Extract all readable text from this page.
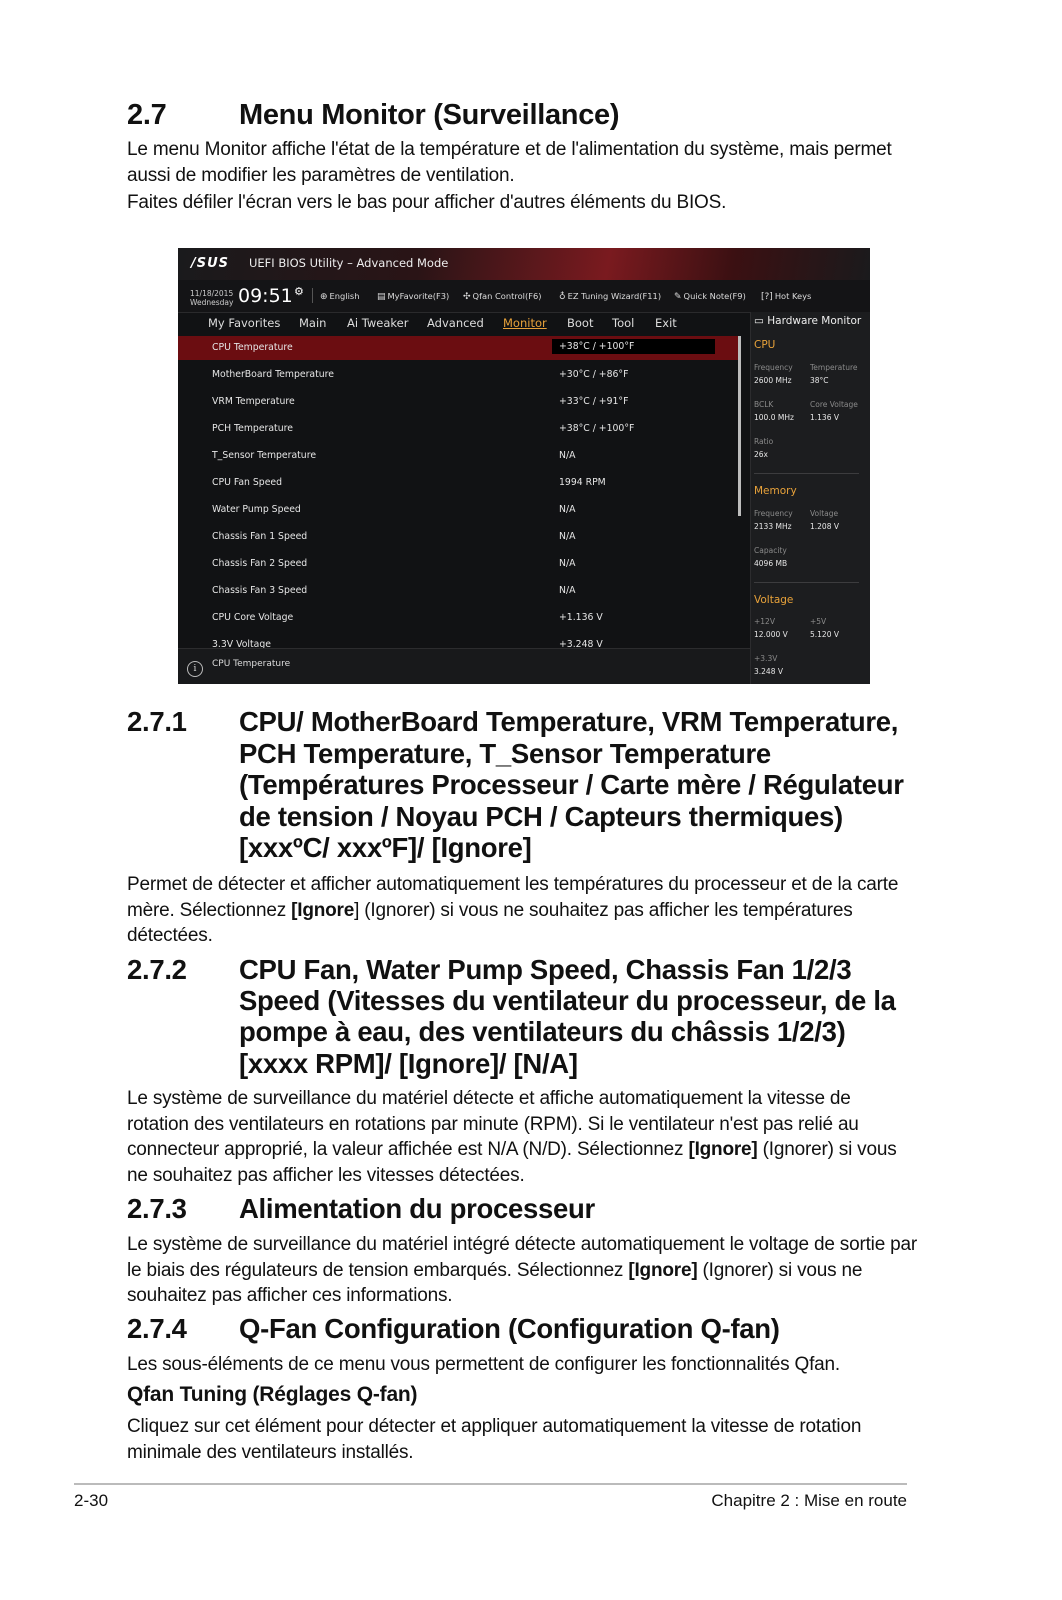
2.7	Menu Monitor (Surveillance)

Le menu Monitor affiche l'état de la température et de l'alimentation du système, mais permet aussi de modifier les paramètres de ventilation.

Faites défiler l'écran vers le bas pour afficher d'autres éléments du BIOS.

/SUS UEFI BIOS Utility – Advanced Mode
11/18/2015
Wednesday 09:51 ⚙ ⊕ English ▤ MyFavorite(F3) ✣ Qfan Control(F6) ♁ EZ Tuning Wizard(F11) ✎ Quick Note(F9) [?] Hot Keys
My Favorites Main Ai Tweaker Advanced Monitor Boot Tool Exit
CPU Temperature	+38°C / +100°F
MotherBoard Temperature	+30°C / +86°F
VRM Temperature	+33°C / +91°F
PCH Temperature	+38°C / +100°F
T_Sensor Temperature	N/A
CPU Fan Speed	1994 RPM
Water Pump Speed	N/A
Chassis Fan 1 Speed	N/A
Chassis Fan 2 Speed	N/A
Chassis Fan 3 Speed	N/A
CPU Core Voltage	+1.136 V
3.3V Voltage	+3.248 V
i	CPU Temperature
▭ Hardware Monitor
CPU
Frequency Temperature
2600 MHz 38°C
BCLK	Core Voltage
100.0 MHz 1.136 V
Ratio
26x
Memory
Frequency Voltage
2133 MHz 1.208 V
Capacity
4096 MB
Voltage
+12V	+5V
12.000 V	5.120 V
+3.3V
3.248 V
2.7.1 CPU/ MotherBoard Temperature, VRM Temperature, PCH Temperature, T_Sensor Temperature (Températures Processeur / Carte mère / Régulateur de tension / Noyau PCH / Capteurs thermiques) [xxxºC/ xxxºF]/ [Ignore]

Permet de détecter et afficher automatiquement les températures du processeur et de la carte mère. Sélectionnez [Ignore] (Ignorer) si vous ne souhaitez pas afficher les températures détectées.

2.7.2 CPU Fan, Water Pump Speed, Chassis Fan 1/2/3 Speed (Vitesses du ventilateur du processeur, de la pompe à eau, des ventilateurs du châssis 1/2/3) [xxxx RPM]/ [Ignore]/ [N/A]

Le système de surveillance du matériel détecte et affiche automatiquement la vitesse de rotation des ventilateurs en rotations par minute (RPM). Si le ventilateur n'est pas relié au connecteur approprié, la valeur affichée est N/A (N/D). Sélectionnez [Ignore] (Ignorer) si vous ne souhaitez pas afficher les vitesses détectées.

2.7.3 Alimentation du processeur

Le système de surveillance du matériel intégré détecte automatiquement le voltage de sortie par le biais des régulateurs de tension embarqués. Sélectionnez [Ignore] (Ignorer) si vous ne souhaitez pas afficher ces informations.

2.7.4 Q-Fan Configuration (Configuration Q-fan)

Les sous-éléments de ce menu vous permettent de configurer les fonctionnalités Qfan.

Qfan Tuning (Réglages Q-fan)

Cliquez sur cet élément pour détecter et appliquer automatiquement la vitesse de rotation minimale des ventilateurs installés.

2-30	Chapitre 2 : Mise en route
